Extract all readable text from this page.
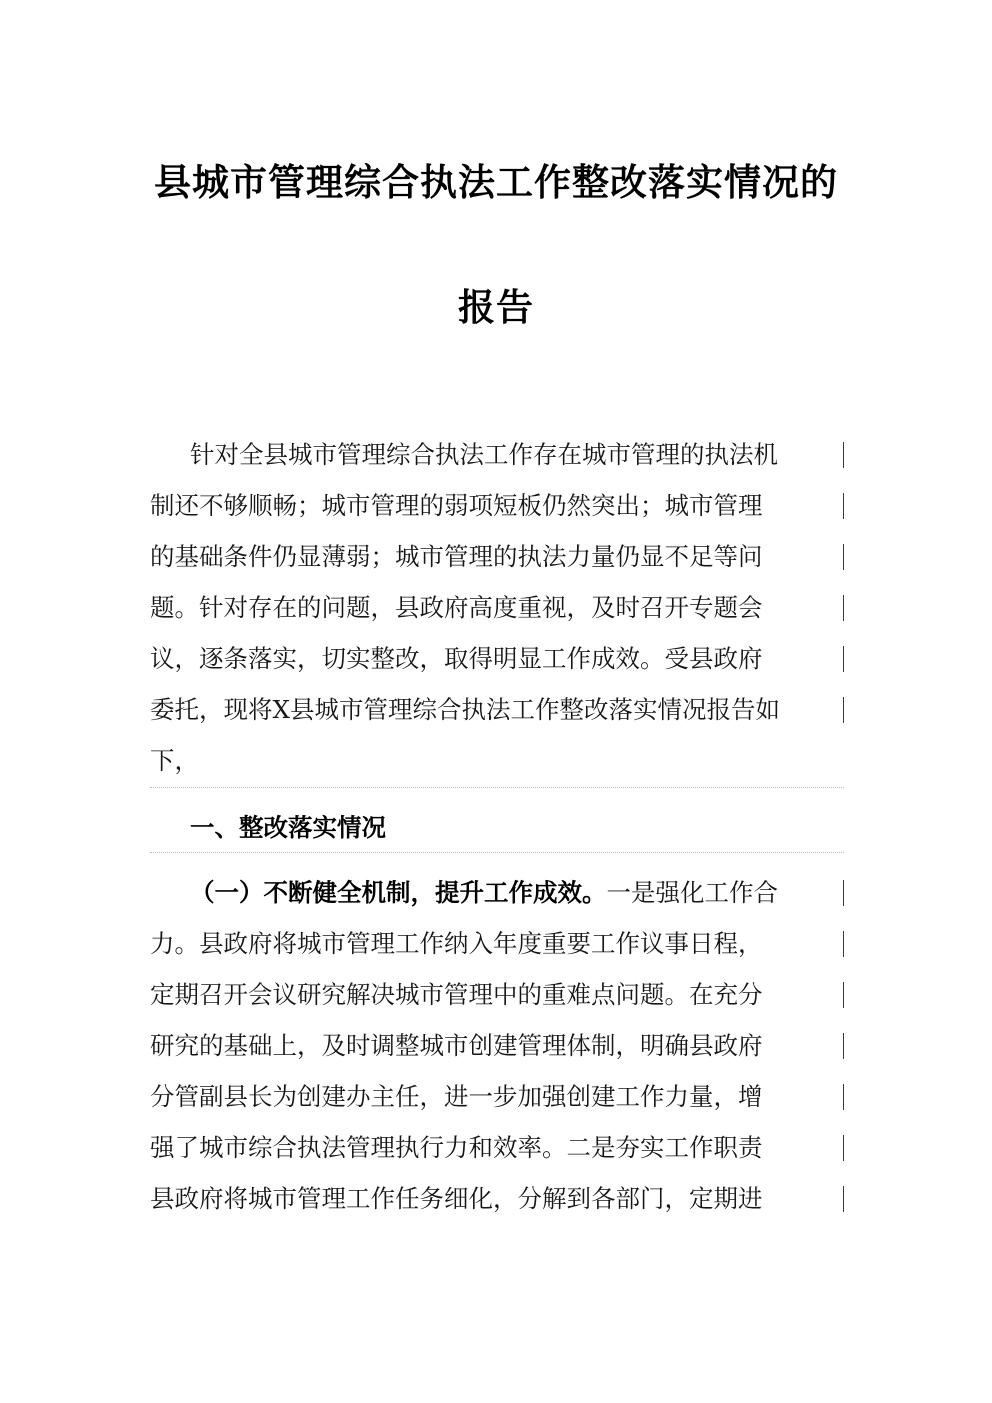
县城市管理综合执法工作整改落实情况的
报告
针对全县城市管理综合执法工作存在城市管理的执法机
制还不够顺畅；城市管理的弱项短板仍然突出；城市管理
的基础条件仍显薄弱；城市管理的执法力量仍显不足等问
题。针对存在的问题，县政府高度重视，及时召开专题会
议，逐条落实，切实整改，取得明显工作成效。受县政府
委托，现将X县城市管理综合执法工作整改落实情况报告如
下，
一、整改落实情况
（一）不断健全机制，提升工作成效。一是强化工作合
力。县政府将城市管理工作纳入年度重要工作议事日程，
定期召开会议研究解决城市管理中的重难点问题。在充分
研究的基础上，及时调整城市创建管理体制，明确县政府
分管副县长为创建办主任，进一步加强创建工作力量，增
强了城市综合执法管理执行力和效率。二是夯实工作职责
县政府将城市管理工作任务细化，分解到各部门，定期进
